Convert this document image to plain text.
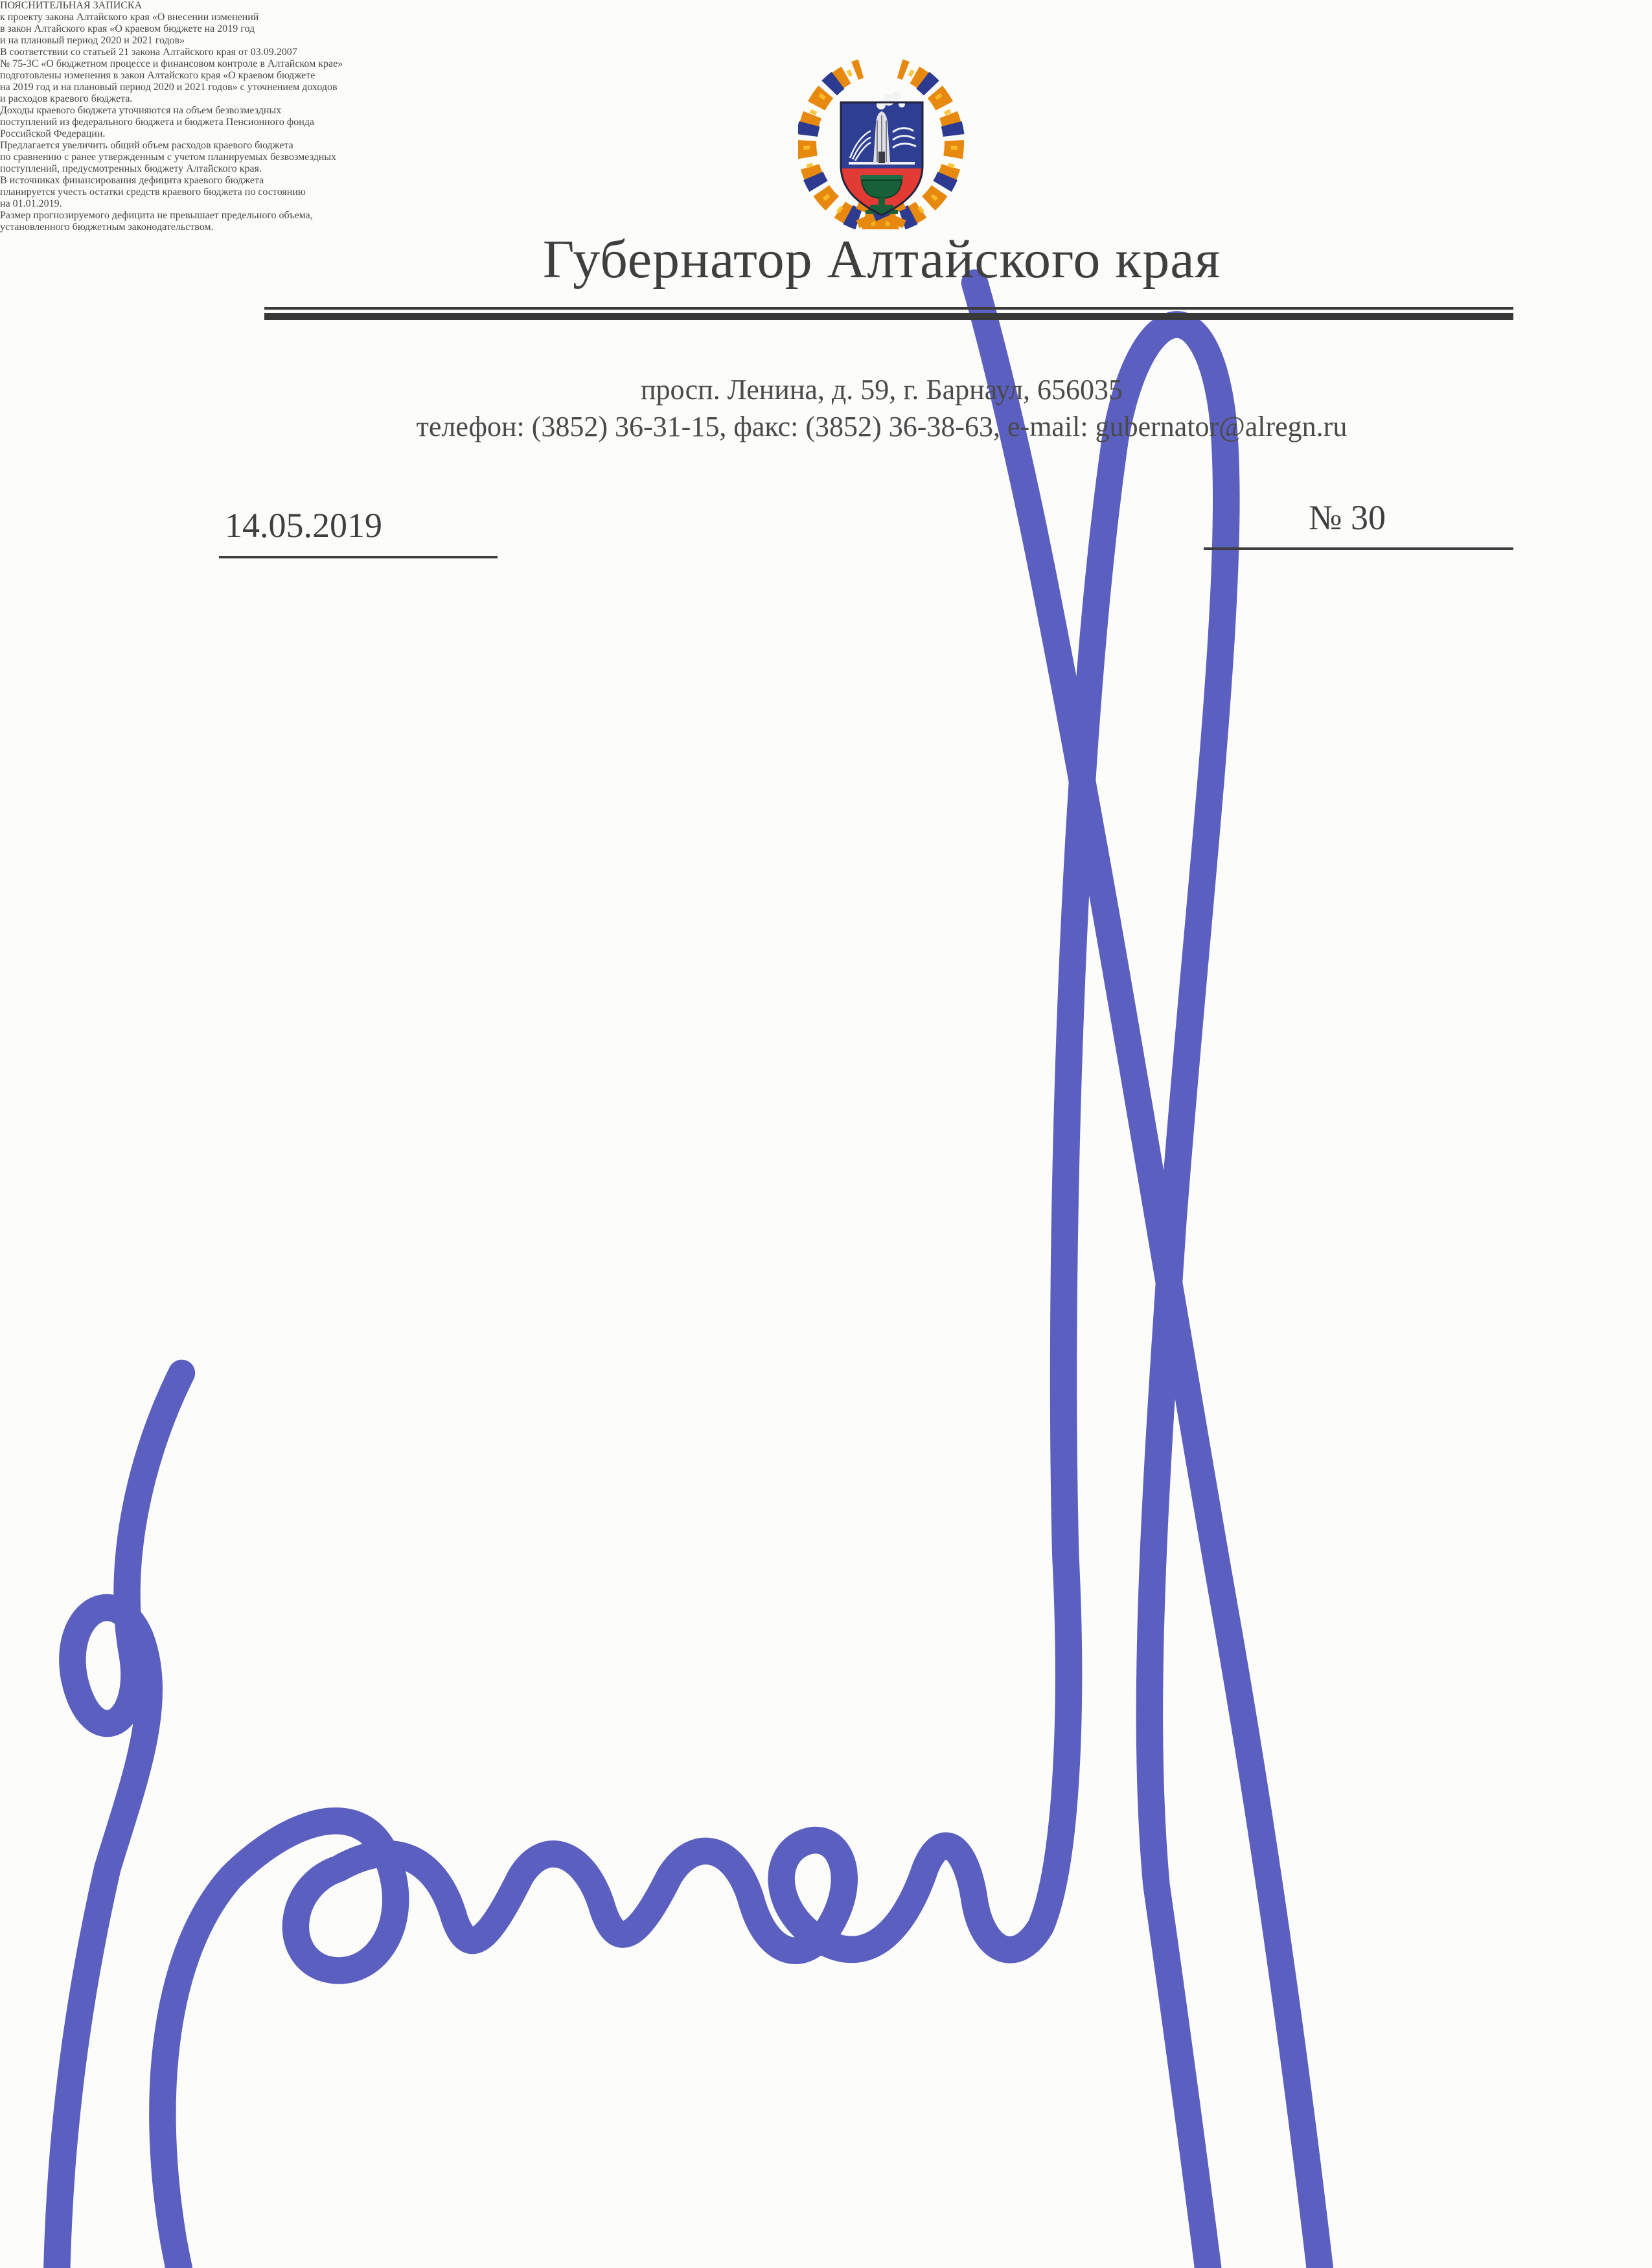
Губернатор Алтайского края
просп. Ленина, д. 59, г. Барнаул, 656035
телефон: (3852) 36-31-15, факс: (3852) 36-38-63, e-mail: gubernator@alregn.ru
14.05.2019	№ 30
ПОЯСНИТЕЛЬНАЯ ЗАПИСКА
к проекту закона Алтайского края «О внесении изменений
в закон Алтайского края «О краевом бюджете на 2019 год
и на плановый период 2020 и 2021 годов»
В соответствии со статьей 21 закона Алтайского края от 03.09.2007
№ 75-ЗС «О бюджетном процессе и финансовом контроле в Алтайском крае»
подготовлены изменения в закон Алтайского края «О краевом бюджете
на 2019 год и на плановый период 2020 и 2021 годов» с уточнением доходов
и расходов краевого бюджета.
Доходы краевого бюджета уточняются на объем безвозмездных
поступлений из федерального бюджета и бюджета Пенсионного фонда
Российской Федерации.
Предлагается увеличить общий объем расходов краевого бюджета
по сравнению с ранее утвержденным с учетом планируемых безвозмездных
поступлений, предусмотренных бюджету Алтайского края.
В источниках финансирования дефицита краевого бюджета
планируется учесть остатки средств краевого бюджета по состоянию
на 01.01.2019.
Размер прогнозируемого дефицита не превышает предельного объема,
установленного бюджетным законодательством.
